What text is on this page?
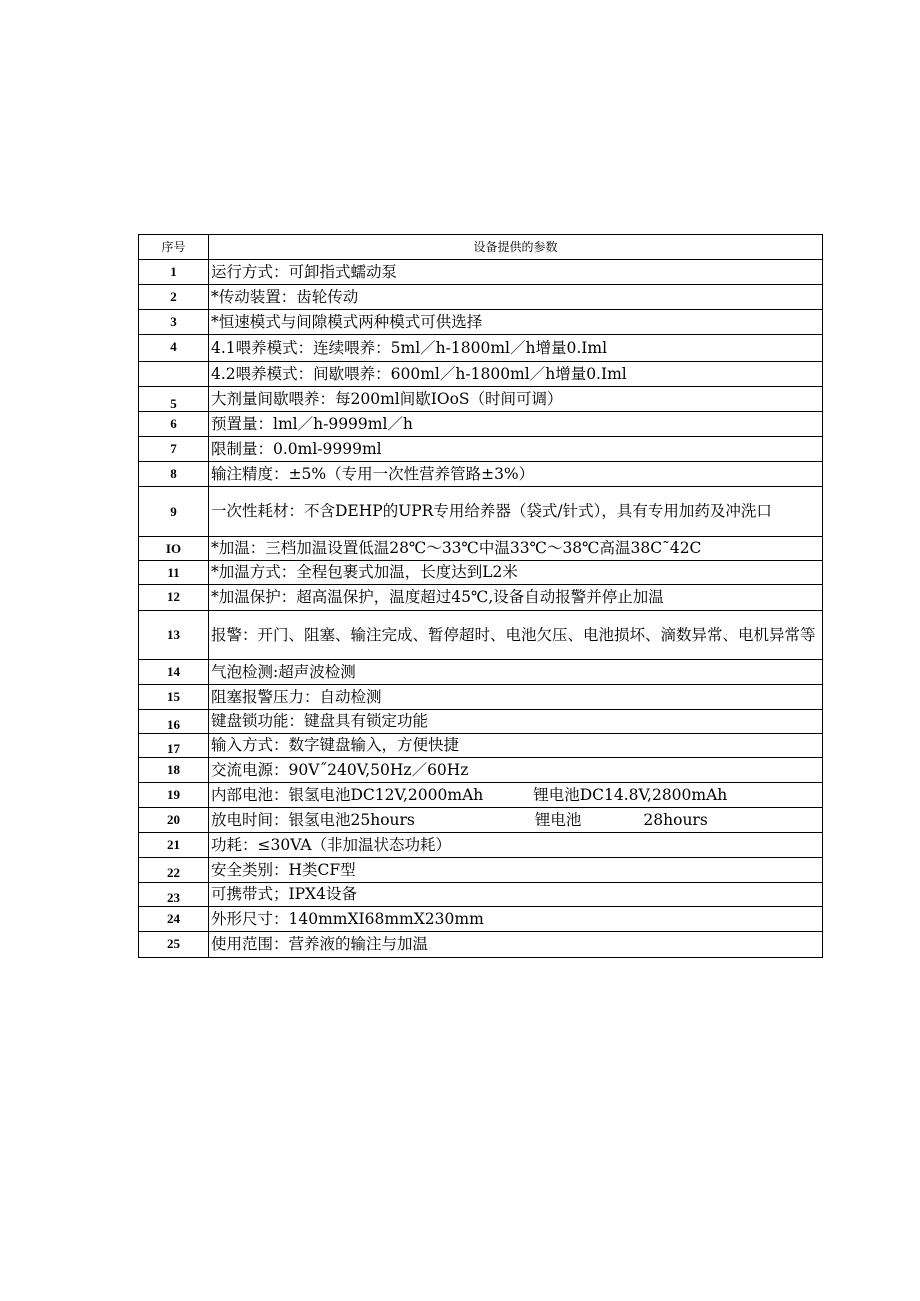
序号	设备提供的参数
1	运行方式：可卸指式蠕动泵
2	*传动装置：齿轮传动
3	*恒速模式与间隙模式两种模式可供选择
4	4.1喂养模式：连续喂养：5ml／h-1800ml／h增量0.Iml
	4.2喂养模式：间歇喂养：600ml／h-1800ml／h增量0.Iml
5	大剂量间歇喂养：每200ml间歇IOoS（时间可调）
6	预置量：lml／h-9999ml／h
7	限制量：0.0ml-9999ml
8	输注精度：±5%（专用一次性营养管路±3%）
9	一次性耗材：不含DEHP的UPR专用给养器（袋式/针式），具有专用加药及冲洗口
IO	*加温：三档加温设置低温28℃～33℃中温33℃～38℃高温38C˜42C
11	*加温方式：全程包裹式加温，长度达到L2米
12	*加温保护：超高温保护，温度超过45℃,设备自动报警并停止加温
13	报警：开门、阻塞、输注完成、暂停超时、电池欠压、电池损坏、滴数异常、电机异常等
14	气泡检测:超声波检测
15	阻塞报警压力：自动检测
16	键盘锁功能：键盘具有锁定功能
17	输入方式：数字键盘输入，方便快捷
18	交流电源：90V˝240V,50Hz／60Hz
19	内部电池：银氢电池DC12V,2000mAh 锂电池DC14.8V,2800mAh
20	放电时间：银氢电池25hours 锂电池 28hours
21	功耗：≤30VA（非加温状态功耗）
22	安全类别：H类CF型
23	可携带式；IPX4设备
24	外形尺寸：140mmXI68mmX230mm
25	使用范围：营养液的输注与加温
